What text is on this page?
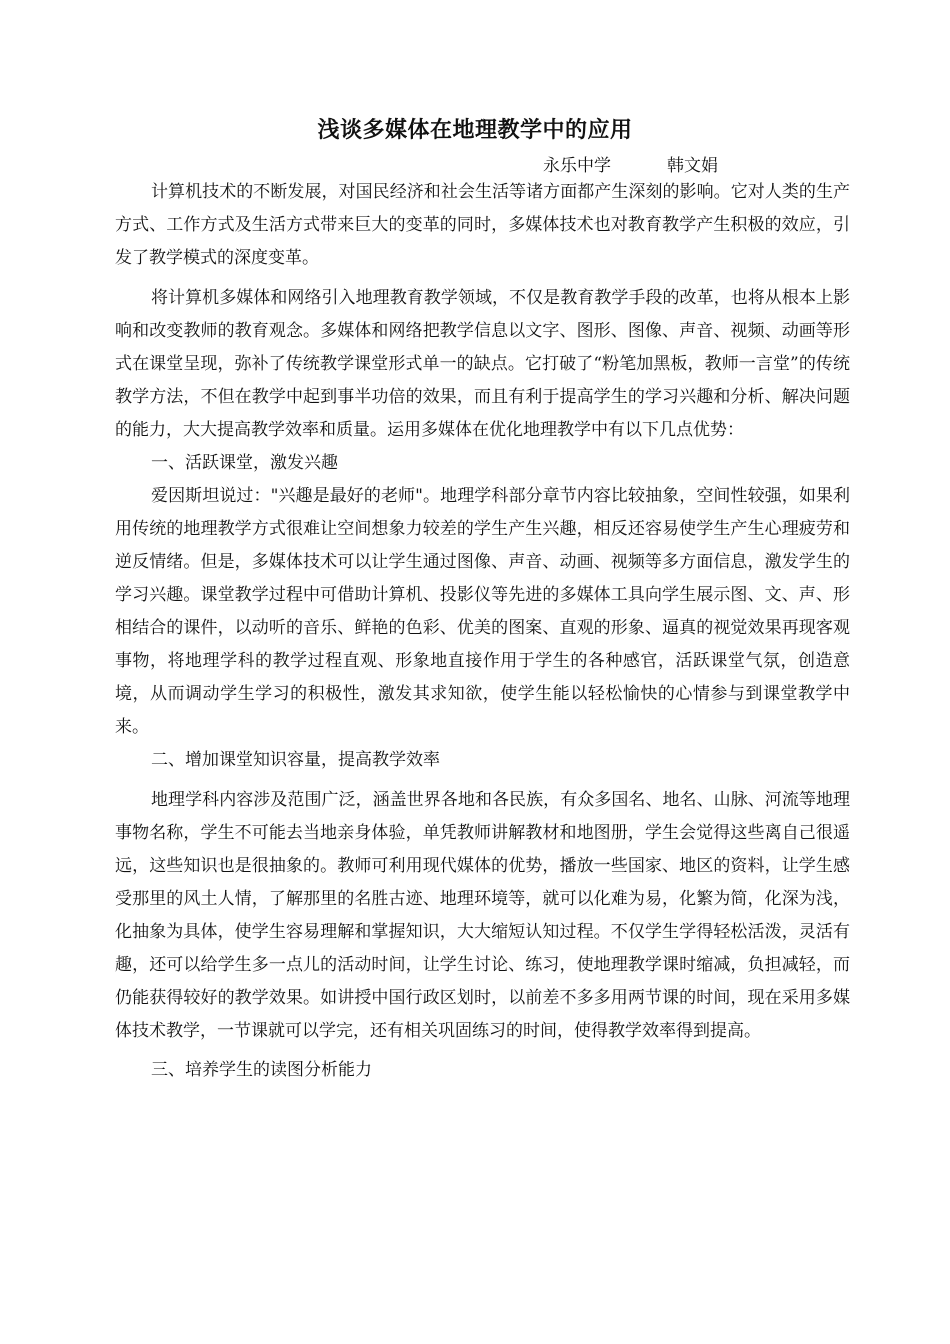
浅谈多媒体在地理教学中的应用
永乐中学	韩文娟

计算机技术的不断发展，对国民经济和社会生活等诸方面都产生深刻的影响。它对人类的生产方式、工作方式及生活方式带来巨大的变革的同时，多媒体技术也对教育教学产生积极的效应，引发了教学模式的深度变革。

将计算机多媒体和网络引入地理教育教学领域，不仅是教育教学手段的改革，也将从根本上影响和改变教师的教育观念。多媒体和网络把教学信息以文字、图形、图像、声音、视频、动画等形式在课堂呈现，弥补了传统教学课堂形式单一的缺点。它打破了“粉笔加黑板，教师一言堂”的传统教学方法，不但在教学中起到事半功倍的效果，而且有利于提高学生的学习兴趣和分析、解决问题的能力，大大提高教学效率和质量。运用多媒体在优化地理教学中有以下几点优势：

一、活跃课堂，激发兴趣

爱因斯坦说过："兴趣是最好的老师"。地理学科部分章节内容比较抽象，空间性较强，如果利用传统的地理教学方式很难让空间想象力较差的学生产生兴趣，相反还容易使学生产生心理疲劳和逆反情绪。但是，多媒体技术可以让学生通过图像、声音、动画、视频等多方面信息，激发学生的学习兴趣。课堂教学过程中可借助计算机、投影仪等先进的多媒体工具向学生展示图、文、声、形相结合的课件，以动听的音乐、鲜艳的色彩、优美的图案、直观的形象、逼真的视觉效果再现客观事物，将地理学科的教学过程直观、形象地直接作用于学生的各种感官，活跃课堂气氛，创造意境，从而调动学生学习的积极性，激发其求知欲，使学生能以轻松愉快的心情参与到课堂教学中来。

二、增加课堂知识容量，提高教学效率

地理学科内容涉及范围广泛，涵盖世界各地和各民族，有众多国名、地名、山脉、河流等地理事物名称，学生不可能去当地亲身体验，单凭教师讲解教材和地图册，学生会觉得这些离自己很遥远，这些知识也是很抽象的。教师可利用现代媒体的优势，播放一些国家、地区的资料，让学生感受那里的风土人情，了解那里的名胜古迹、地理环境等，就可以化难为易，化繁为简，化深为浅，化抽象为具体，使学生容易理解和掌握知识，大大缩短认知过程。不仅学生学得轻松活泼，灵活有趣，还可以给学生多一点儿的活动时间，让学生讨论、练习，使地理教学课时缩减，负担减轻，而仍能获得较好的教学效果。如讲授中国行政区划时，以前差不多多用两节课的时间，现在采用多媒体技术教学，一节课就可以学完，还有相关巩固练习的时间，使得教学效率得到提高。

三、培养学生的读图分析能力
